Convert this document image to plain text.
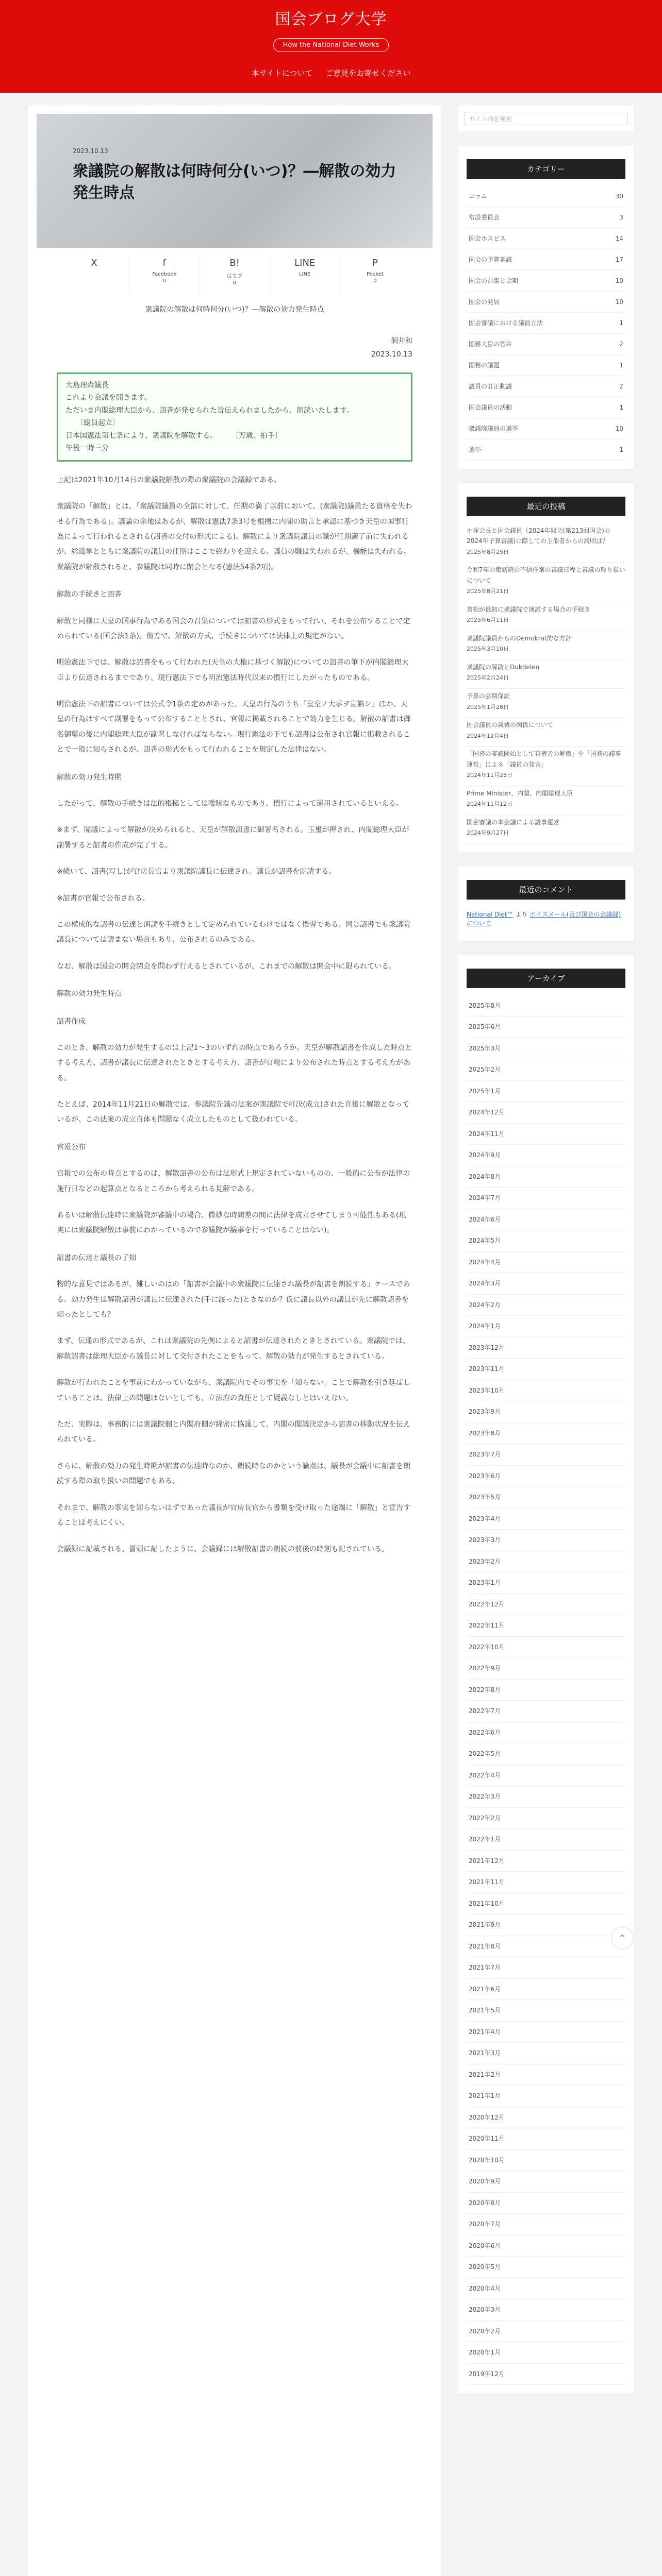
国会ブログ大学
How the National Diet Works
本サイトについて ご意見をお寄せください
2023.10.13
衆議院の解散は何時何分(いつ)？―解散の効力発生時点
X	f
Facebook
0
B!
はてブ
0
LINE
LINE
P
Pocket
0
衆議院の解散は何時何分(いつ)？―解散の効力発生時点
洞井和
2023.10.13

大島理森議長

これより会議を開きます。

ただいま内閣総理大臣から、詔書が発せられた旨伝えられましたから、朗読いたします。

　　〔総員起立〕

日本国憲法第七条により、衆議院を解散する。　　　〔万歳、拍手〕

午後一時三分

上記は2021年10月14日の衆議院解散の際の衆議院の会議録である。

衆議院の「解散」とは、「衆議院議員の全部に対して、任期の満了以前において、(衆議院)議員たる資格を失わせる行為である」。議論の余地はあるが、解散は憲法7条3号を根拠に内閣の助言と承認に基づき天皇の国事行為によって行われるとされる(詔書の交付の形式による)。解散により衆議院議員の職が任期満了前に失われるが、総選挙とともに衆議院の議員の任期はここで終わりを迎える。議員の職は失われるが、機能は失われる。衆議院が解散されると、参議院は同時に閉会となる(憲法54条2項)。

解散の手続きと詔書

解散と同様に天皇の国事行為である国会の召集については詔書の形式をもって行い、それを公布することで定められている(国会法1条)。他方で、解散の方式、手続きについては法律上の規定がない。

明治憲法下では、解散は詔書をもって行われた(天皇の大権に基づく解散)についての詔書の筆下が内閣総理大臣より伝達されるまでであり、現行憲法下でも明治憲法時代以来の慣行にしたがったものである。

明治憲法下の詔書については公式令1条の定めがあった。天皇の行為のうち「皇室ノ大事ヲ宣誥シ」ほか、天皇の行為はすべて副署をもって公布することとされ、官報に掲載されることで効力を生じる。解散の詔書は御名御璽の後に内閣総理大臣が副署しなければならない。現行憲法の下でも詔書は公布され官報に掲載されることで一般に知らされるが、詔書の形式をもって行われることを規定した法律はない。

解散の効力発生時期

したがって、解散の手続きは法的根拠としては曖昧なものであり、慣行によって運用されているといえる。

※まず、閣議によって解散が決められると、天皇が解散詔書に御署名される。玉璽が押され、内閣総理大臣が副署すると詔書の作成が完了する。

※続いて、詔書(写し)が官房長官より衆議院議長に伝達され、議長が詔書を朗読する。

※詔書が官報で公布される。

この構成的な詔書の伝達と朗読を手続きとして定められているわけではなく慣習である。同じ詔書でも衆議院議長については読まない場合もあり、公布されるのみである。

なお、解散は国会の開会閉会を問わず行えるとされているが、これまでの解散は開会中に限られている。

解散の効力発生時点
詔書作成

このとき、解散の効力が発生するのは上記1〜3のいずれの時点であろうか。天皇が解散詔書を作成した時点とする考え方、詔書が議長に伝達されたときとする考え方、詔書が官報により公布された時点とする考え方がある。

たとえば、2014年11月21日の解散では、参議院先議の法案が衆議院で可決(成立)された直後に解散となっているが、この法案の成立自体も問題なく成立したものとして扱われている。

官報公布

官報での公布の時点とするのは、解散詔書の公布は法形式上規定されていないものの、一般的に公布が法律の施行日などの起算点となるところから考えられる見解である。

あるいは解散伝達時に衆議院が審議中の場合、微妙な時間差の間に法律を成立させてしまう可能性もある(現実には衆議院解散は事前にわかっているので参議院が議事を行っていることはない)。

詔書の伝達と議長の了知

物的な意見ではあるが、難しいのはの「詔書が会議中の衆議院に伝達され議長が詔書を朗読する」ケースである。効力発生は解散詔書が議長に伝達された(手に渡った)ときなのか？仮に議長以外の議員が先に解散詔書を知ったとしても？

まず、伝達の形式であるが、これは衆議院の先例によると詔書が伝達されたときとされている。衆議院では、解散詔書は総理大臣から議長に対して交付されたことをもって、解散の効力が発生するとされている。

解散が行われたことを事前にわかっていながら、衆議院内でその事実を「知らない」ことで解散を引き延ばしていることは、法律上の問題はないとしても、立法府の責任として疑義なしとはいえない。

ただ、実際は、事務的には衆議院側と内閣府側が綿密に協議して、内閣の閣議決定から詔書の移動状況を伝えられている。

さらに、解散の効力の発生時期が詔書の伝達時なのか、朗読時なのかという論点は、議長が会議中に詔書を朗読する際の取り扱いの問題でもある。

それまで、解散の事実を知らないはずであった議長が官房長官から書類を受け取った途端に「解散」と宣告することは考えにくい。

会議録に記載される、冒頭に記したように、会議録には解散詔書の朗読の前後の時刻も記されている。

サイト内を検索
カテゴリー
コラム	30
常設委員会	3
国会ホスピス	14
国会の予算審議	17
国会の召集と会期	10
国会の発展	10
国会審議における議員立法	1
国務大臣の答弁	2
国務の議題	1
議員の訂正動議	2
国会議員の活動	1
衆議院議員の選挙	10
選挙	1
最近の投稿
小塚会長と国会議員（2024年問会(第213回国会)の2024年予算審議)に際しての主催者からの説明は？
2025年8月25日
令和7年の衆議院の不信任案の審議日程と審議の取り扱いについて
2025年8月21日
首相が最初に衆議院で演説する場合の手続き
2025年6月11日
衆議院議員からのDemokrat的な方針
2025年3月10日
衆議院の解散とDukdelen
2025年2月24日
予算の会期保証
2025年1月28日
国会議員の歳費の関係について
2024年12月4日
「国務の審議開始として有権者の解散」を「国務の議事運営」による「議員の発言」
2024年11月28日
Prime Minister、内閣、内閣総理大臣
2024年11月12日
国会審議の本会議による議事運営
2024年9月27日
最近のコメント
National Diet™ より ボイスメール(及び国会の会議録)について
アーカイブ
2025年8月
2025年6月
2025年3月
2025年2月
2025年1月
2024年12月
2024年11月
2024年9月
2024年8月
2024年7月
2024年6月
2024年5月
2024年4月
2024年3月
2024年2月
2024年1月
2023年12月
2023年11月
2023年10月
2023年9月
2023年8月
2023年7月
2023年6月
2023年5月
2023年4月
2023年3月
2023年2月
2023年1月
2022年12月
2022年11月
2022年10月
2022年9月
2022年8月
2022年7月
2022年6月
2022年5月
2022年4月
2022年3月
2022年2月
2022年1月
2021年12月
2021年11月
2021年10月
2021年9月
2021年8月
2021年7月
2021年6月
2021年5月
2021年4月
2021年3月
2021年2月
2021年1月
2020年12月
2020年11月
2020年10月
2020年9月
2020年8月
2020年7月
2020年6月
2020年5月
2020年4月
2020年3月
2020年2月
2020年1月
2019年12月
^
